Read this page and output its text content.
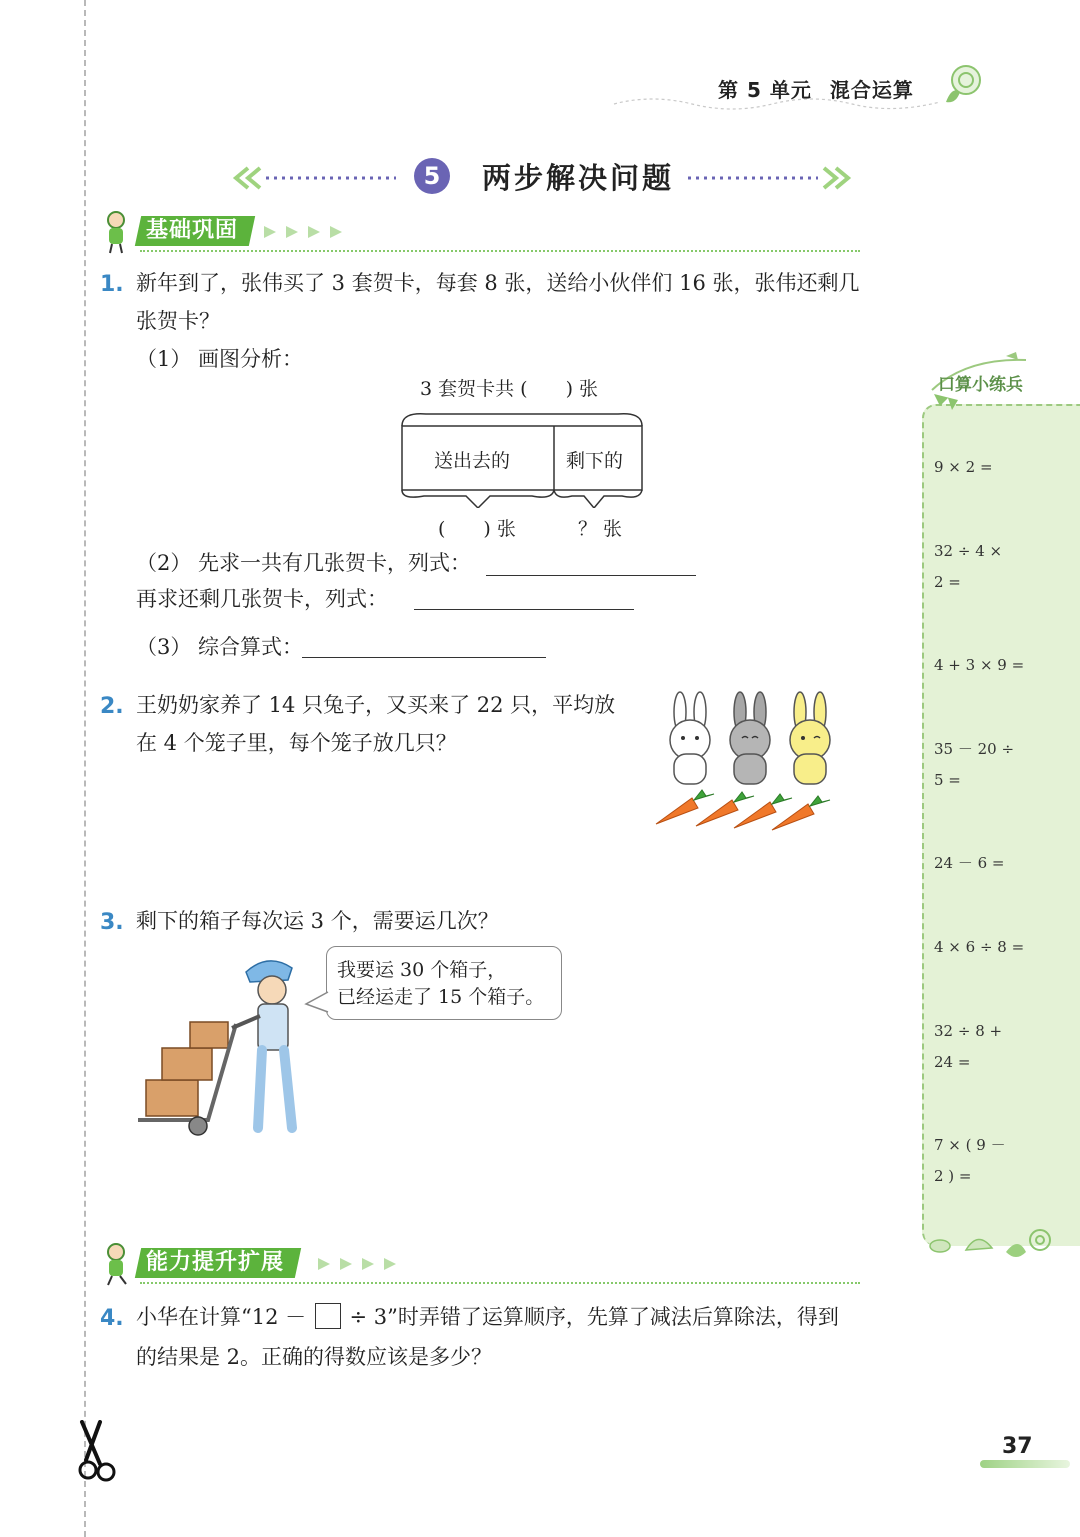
第 5 单元 混合运算
5	两步解决问题
基础巩固
1. 新年到了，张伟买了 3 套贺卡，每套 8 张，送给小伙伴们 16 张，张伟还剩几
张贺卡？
（1） 画图分析：
3 套贺卡共 (　　) 张
送出去的	剩下的
(　　) 张	？ 张
（2） 先求一共有几张贺卡，列式：
再求还剩几张贺卡，列式：
（3） 综合算式：
2. 王奶奶家养了 14 只兔子，又买来了 22 只，平均放
在 4 个笼子里，每个笼子放几只？
3. 剩下的箱子每次运 3 个，需要运几次？
我要运 30 个箱子，
已经运走了 15 个箱子。
能力提升扩展
4. 小华在计算“12 － ÷ 3”时弄错了运算顺序，先算了减法后算除法，得到
的结果是 2。正确的得数应该是多少？
口算小练兵
9 × 2 =
32 ÷ 4 ×
2 =
4 + 3 × 9 =
35 － 20 ÷
5 =
24 － 6 =
4 × 6 ÷ 8 =
32 ÷ 8 +
24 =
7 × ( 9 －
2 ) =
37
